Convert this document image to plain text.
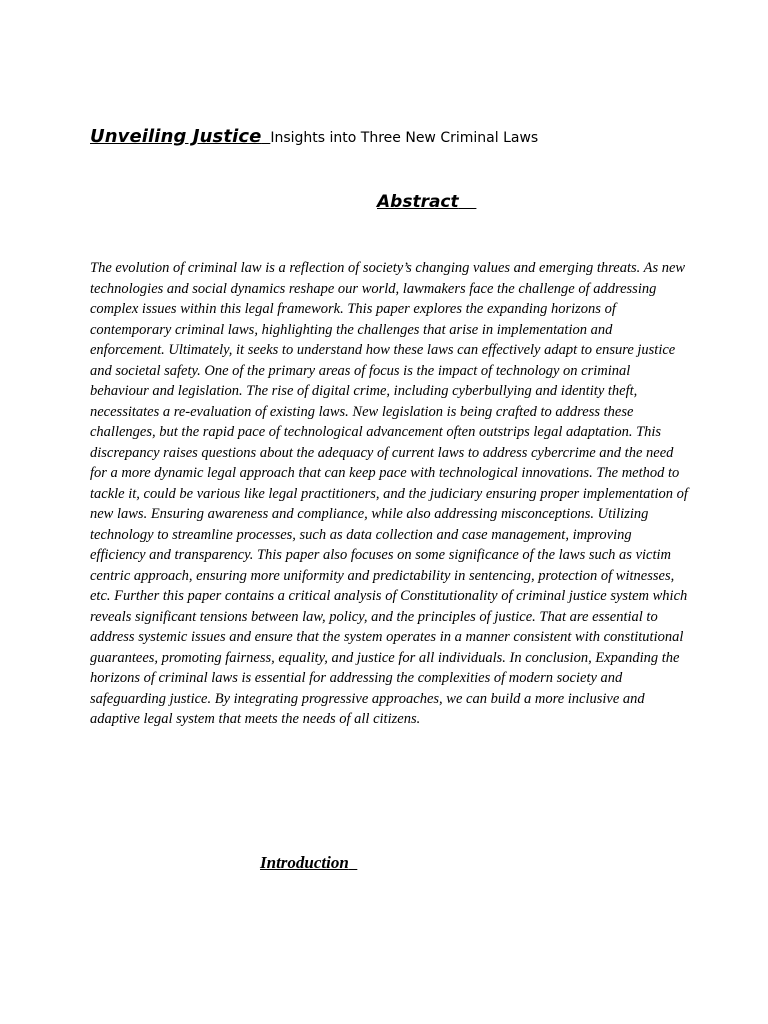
Unveiling Justice Insights into Three New Criminal Laws
Abstract

The evolution of criminal law is a reflection of society’s changing values and emerging threats. As new technologies and social dynamics reshape our world, lawmakers face the challenge of addressing complex issues within this legal framework. This paper explores the expanding horizons of contemporary criminal laws, highlighting the challenges that arise in implementation and enforcement. Ultimately, it seeks to understand how these laws can effectively adapt to ensure justice and societal safety. One of the primary areas of focus is the impact of technology on criminal behaviour and legislation. The rise of digital crime, including cyberbullying and identity theft, necessitates a re-evaluation of existing laws. New legislation is being crafted to address these challenges, but the rapid pace of technological advancement often outstrips legal adaptation. This discrepancy raises questions about the adequacy of current laws to address cybercrime and the need for a more dynamic legal approach that can keep pace with technological innovations. The method to tackle it, could be various like legal practitioners, and the judiciary ensuring proper implementation of new laws. Ensuring awareness and compliance, while also addressing misconceptions. Utilizing technology to streamline processes, such as data collection and case management, improving efficiency and transparency. This paper also focuses on some significance of the laws such as victim centric approach, ensuring more uniformity and predictability in sentencing, protection of witnesses, etc. Further this paper contains a critical analysis of Constitutionality of criminal justice system which reveals significant tensions between law, policy, and the principles of justice. That are essential to address systemic issues and ensure that the system operates in a manner consistent with constitutional guarantees, promoting fairness, equality, and justice for all individuals. In conclusion, Expanding the horizons of criminal laws is essential for addressing the complexities of modern society and safeguarding justice. By integrating progressive approaches, we can build a more inclusive and adaptive legal system that meets the needs of all citizens.

Introduction
